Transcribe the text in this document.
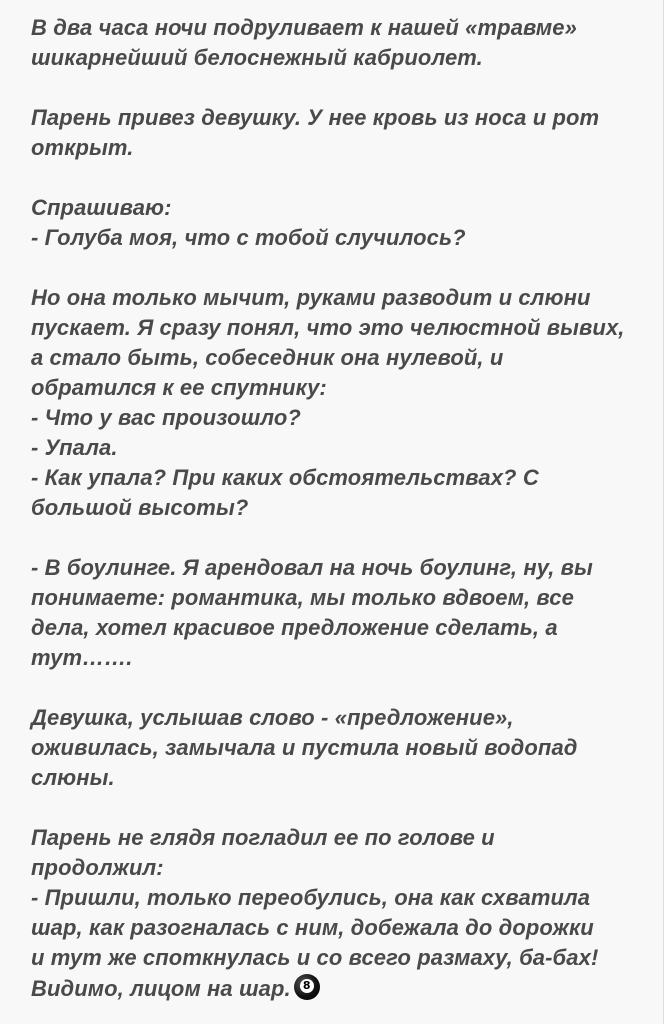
В два часа ночи подруливает к нашей «травме»
шикарнейший белоснежный кабриолет.
Парень привез девушку. У нее кровь из носа и рот
открыт.
Спрашиваю:
- Голуба моя, что с тобой случилось?
Но она только мычит, руками разводит и слюни
пускает. Я сразу понял, что это челюстной вывих,
а стало быть, собеседник она нулевой, и
обратился к ее спутнику:
- Что у вас произошло?
- Упала.
- Как упала? При каких обстоятельствах? С
большой высоты?
- В боулинге. Я арендовал на ночь боулинг, ну, вы
понимаете: романтика, мы только вдвоем, все
дела, хотел красивое предложение сделать, а
тут…….
Девушка, услышав слово - «предложение»,
оживилась, замычала и пустила новый водопад
слюны.
Парень не глядя погладил ее по голове и
продолжил:
- Пришли, только переобулись, она как схватила
шар, как разогналась с ним, добежала до дорожки
и тут же споткнулась и со всего размаху, ба-бах!
Видимо, лицом на шар. 8
